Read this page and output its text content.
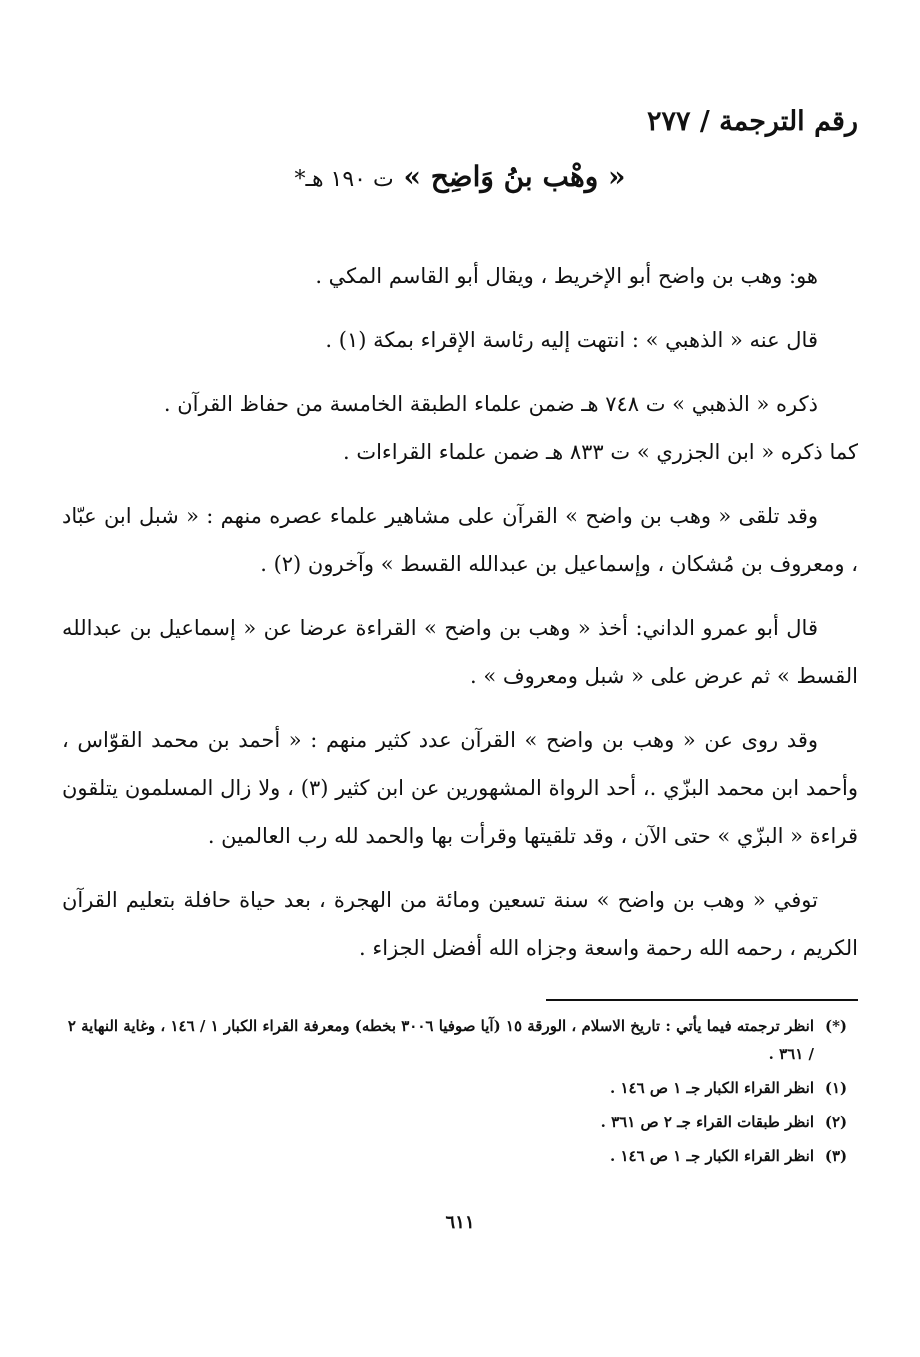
رقم الترجمة / ٢٧٧
« وهْب بنُ وَاضِح » ت ١٩٠ هـ*

هو: وهب بن واضح أبو الإخريط ، ويقال أبو القاسم المكي .

قال عنه « الذهبي » : انتهت إليه رئاسة الإقراء بمكة (١) .

ذكره « الذهبي » ت ٧٤٨ هـ ضمن علماء الطبقة الخامسة من حفاظ القرآن .
كما ذكره « ابن الجزري » ت ٨٣٣ هـ ضمن علماء القراءات .

وقد تلقى « وهب بن واضح » القرآن على مشاهير علماء عصره منهم : « شبل ابن عبّاد ، ومعروف بن مُشكان ، وإسماعيل بن عبدالله القسط » وآخرون (٢) .

قال أبو عمرو الداني: أخذ « وهب بن واضح » القراءة عرضا عن « إسماعيل بن عبدالله القسط » ثم عرض على « شبل ومعروف » .

وقد روى عن « وهب بن واضح » القرآن عدد كثير منهم : « أحمد بن محمد القوّاس ، وأحمد ابن محمد البزّي .، أحد الرواة المشهورين عن ابن كثير (٣) ، ولا زال المسلمون يتلقون قراءة « البزّي » حتى الآن ، وقد تلقيتها وقرأت بها والحمد لله رب العالمين .

توفي « وهب بن واضح » سنة تسعين ومائة من الهجرة ، بعد حياة حافلة بتعليم القرآن الكريم ، رحمه الله رحمة واسعة وجزاه الله أفضل الجزاء .

(*)
انظر ترجمته فيما يأتي : تاريخ الاسلام ، الورقة ١٥ (آيا صوفيا ٣٠٠٦ بخطه) ومعرفة القراء الكبار ١ / ١٤٦ ، وغاية النهاية ٢ / ٣٦١ .
(١)
انظر القراء الكبار جـ ١ ص ١٤٦ .
(٢)
انظر طبقات القراء جـ ٢ ص ٣٦١ .
(٣)
انظر القراء الكبار جـ ١ ص ١٤٦ .
٦١١
